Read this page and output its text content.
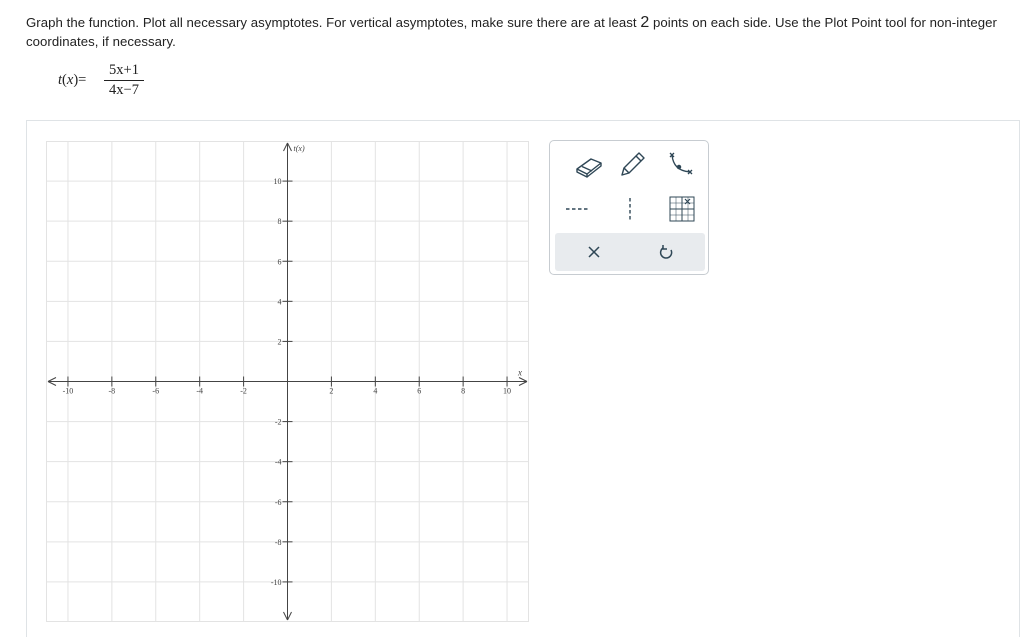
Graph the function. Plot all necessary asymptotes. For vertical asymptotes, make sure there are at least 2 points on each side. Use the Plot Point tool for non-integer coordinates, if necessary.
t(x)=
5x+1
4x−7
-10	-8	-6	-4	-2	2	4	6	8	10
10
8
6
4
2
-2
-4
-6
-8
-10
t(x)
x
